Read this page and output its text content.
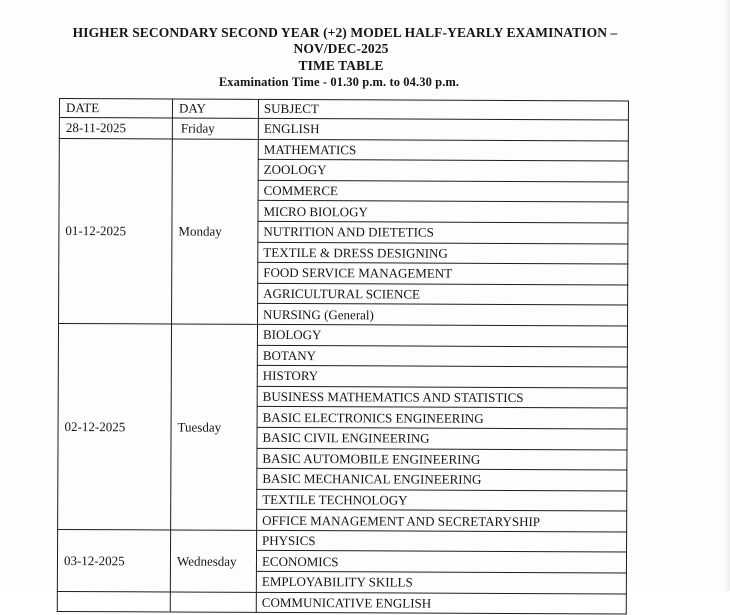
HIGHER SECONDARY SECOND YEAR (+2) MODEL HALF-YEARLY EXAMINATION –
NOV/DEC-2025
TIME TABLE
Examination Time - 01.30 p.m. to 04.30 p.m.
DATE	DAY	SUBJECT
28-11-2025	Friday	ENGLISH
01-12-2025	Monday	MATHEMATICS
		ZOOLOGY
		COMMERCE
		MICRO BIOLOGY
		NUTRITION AND DIETETICS
		TEXTILE & DRESS DESIGNING
		FOOD SERVICE MANAGEMENT
		AGRICULTURAL SCIENCE
		NURSING (General)
02-12-2025	Tuesday	BIOLOGY
		BOTANY
		HISTORY
		BUSINESS MATHEMATICS AND STATISTICS
		BASIC ELECTRONICS ENGINEERING
		BASIC CIVIL ENGINEERING
		BASIC AUTOMOBILE ENGINEERING
		BASIC MECHANICAL ENGINEERING
		TEXTILE TECHNOLOGY
		OFFICE MANAGEMENT AND SECRETARYSHIP
03-12-2025	Wednesday	PHYSICS
		ECONOMICS
		EMPLOYABILITY SKILLS
		COMMUNICATIVE ENGLISH
